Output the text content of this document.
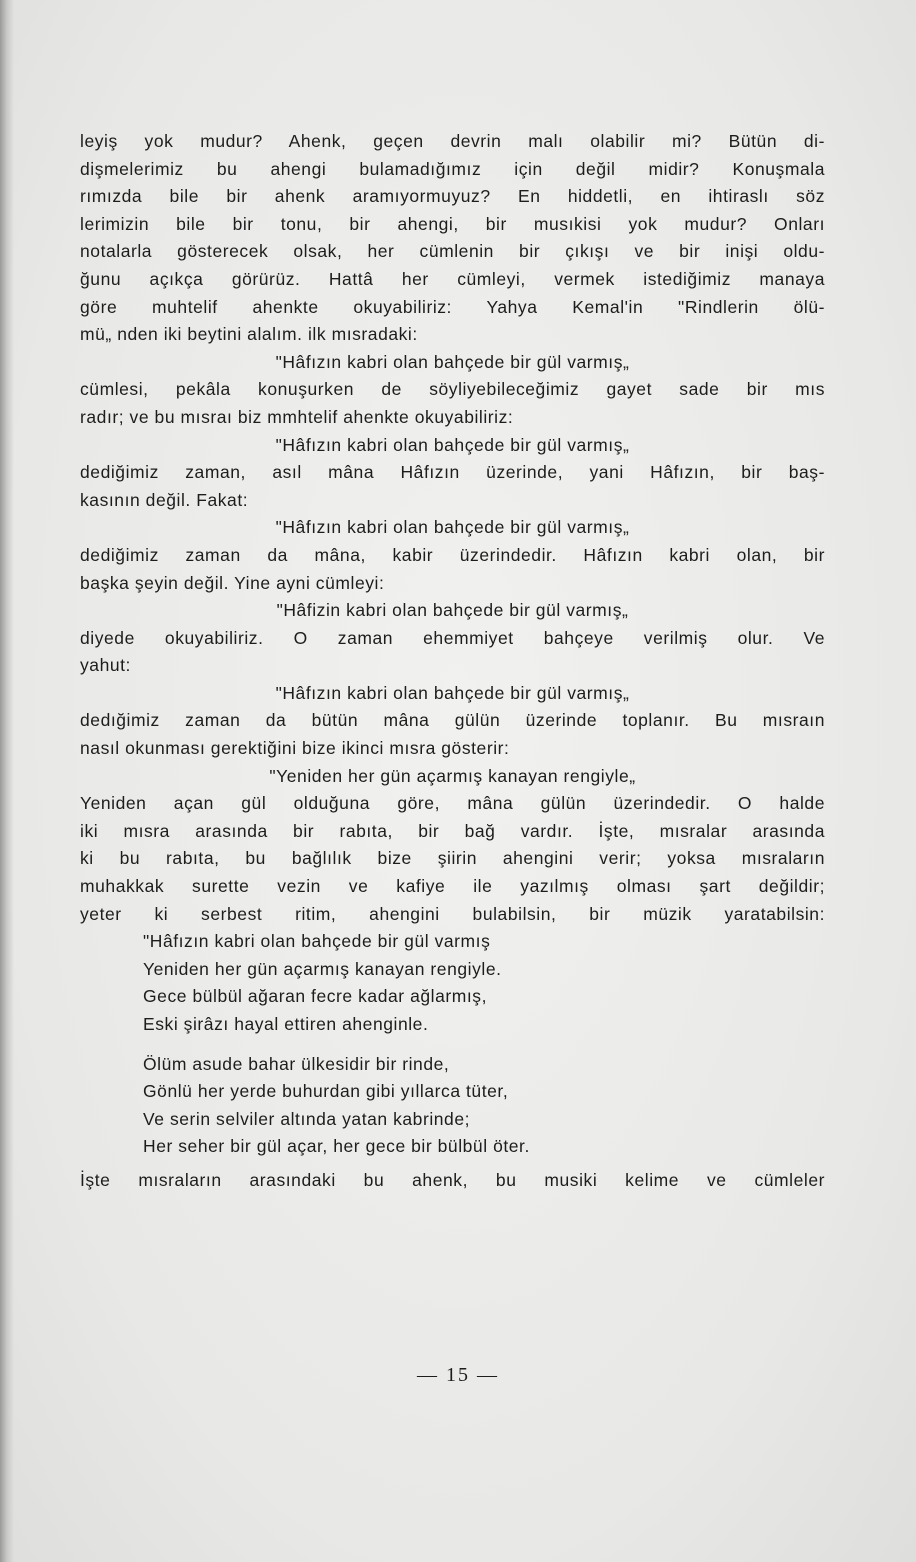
leyiş yok mudur? Ahenk, geçen devrin malı olabilir mi? Bütün di-
dişmelerimiz bu ahengi bulamadığımız için değil midir? Konuşmala
rımızda bile bir ahenk aramıyormuyuz? En hiddetli, en ihtiraslı söz
lerimizin bile bir tonu, bir ahengi, bir musıkisi yok mudur? Onları
notalarla gösterecek olsak, her cümlenin bir çıkışı ve bir inişi oldu-
ğunu açıkça görürüz. Hattâ her cümleyi, vermek istediğimiz manaya
göre muhtelif ahenkte okuyabiliriz: Yahya Kemal'in "Rindlerin ölü-
mü„ nden iki beytini alalım. ilk mısradaki:
"Hâfızın kabri olan bahçede bir gül varmış„
cümlesi, pekâla konuşurken de söyliyebileceğimiz gayet sade bir mıs
radır; ve bu mısraı biz mmhtelif ahenkte okuyabiliriz:
"Hâfızın kabri olan bahçede bir gül varmış„
dediğimiz zaman, asıl mâna Hâfızın üzerinde, yani Hâfızın, bir baş-
kasının değil. Fakat:
"Hâfızın kabri olan bahçede bir gül varmış„
dediğimiz zaman da mâna, kabir üzerindedir. Hâfızın kabri olan, bir
başka şeyin değil. Yine ayni cümleyi:
"Hâfizin kabri olan bahçede bir gül varmış„
diyede okuyabiliriz. O zaman ehemmiyet bahçeye verilmiş olur. Ve
yahut:
"Hâfızın kabri olan bahçede bir gül varmış„
dedığimiz zaman da bütün mâna gülün üzerinde toplanır. Bu mısraın
nasıl okunması gerektiğini bize ikinci mısra gösterir:
"Yeniden her gün açarmış kanayan rengiyle„
Yeniden açan gül olduğuna göre, mâna gülün üzerindedir. O halde
iki mısra arasında bir rabıta, bir bağ vardır. İşte, mısralar arasında
ki bu rabıta, bu bağlılık bize şiirin ahengini verir; yoksa mısraların
muhakkak surette vezin ve kafiye ile yazılmış olması şart değildir;
yeter ki serbest ritim, ahengini bulabilsin, bir müzik yaratabilsin:
"Hâfızın kabri olan bahçede bir gül varmış
Yeniden her gün açarmış kanayan rengiyle.
Gece bülbül ağaran fecre kadar ağlarmış,
Eski şirâzı hayal ettiren ahenginle.
Ölüm asude bahar ülkesidir bir rinde,
Gönlü her yerde buhurdan gibi yıllarca tüter,
Ve serin selviler altında yatan kabrinde;
Her seher bir gül açar, her gece bir bülbül öter.
İşte mısraların arasındaki bu ahenk, bu musiki kelime ve cümleler
— 15 —
